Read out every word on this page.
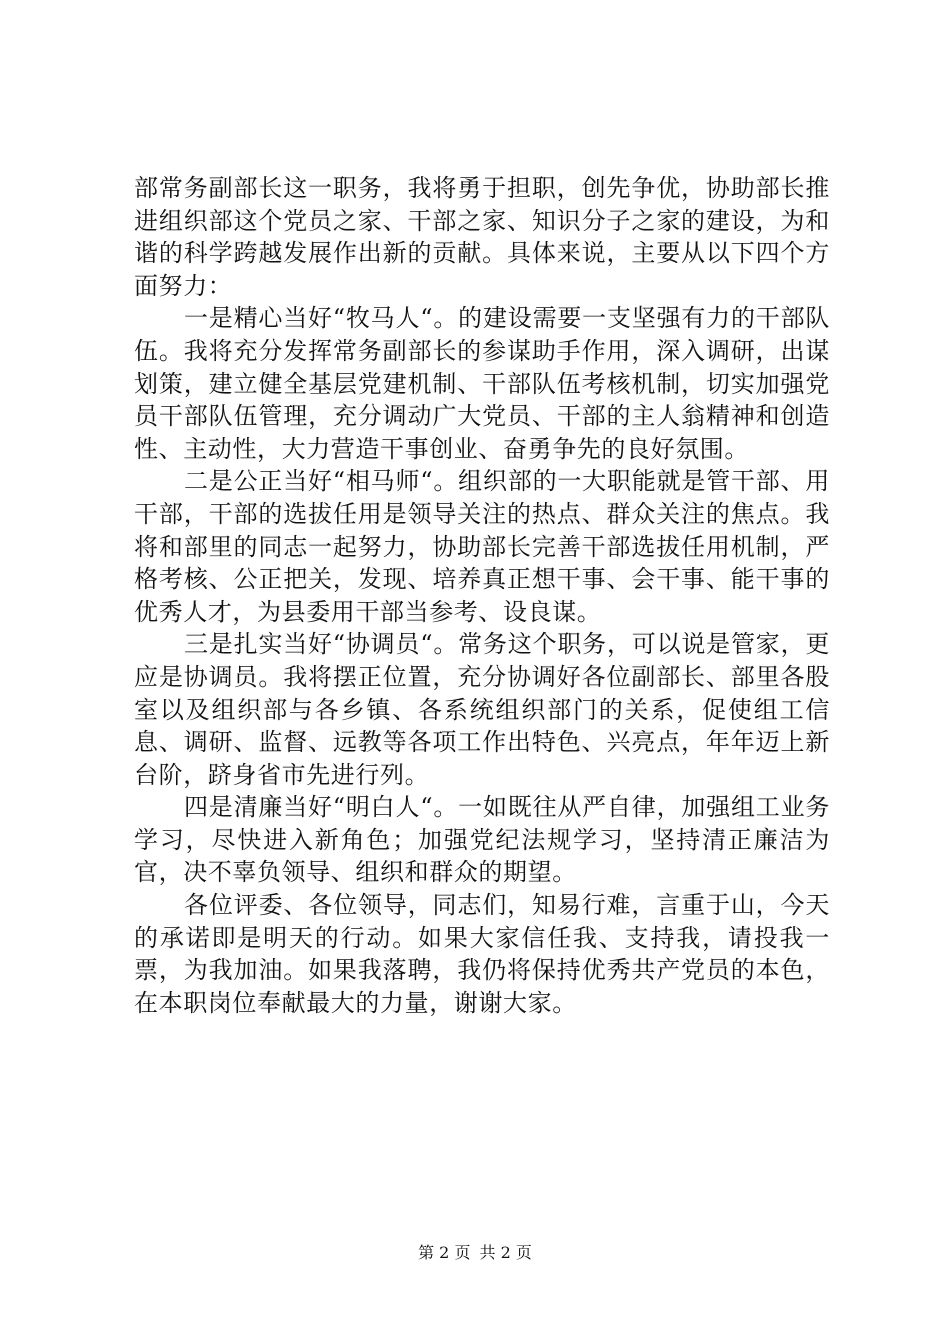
部常务副部长这一职务，我将勇于担职，创先争优，协助部长推进组织部这个党员之家、干部之家、知识分子之家的建设，为和谐的科学跨越发展作出新的贡献。具体来说，主要从以下四个方面努力：

一是精心当好“牧马人“。的建设需要一支坚强有力的干部队伍。我将充分发挥常务副部长的参谋助手作用，深入调研，出谋划策，建立健全基层党建机制、干部队伍考核机制，切实加强党员干部队伍管理，充分调动广大党员、干部的主人翁精神和创造性、主动性，大力营造干事创业、奋勇争先的良好氛围。

二是公正当好“相马师“。组织部的一大职能就是管干部、用干部，干部的选拔任用是领导关注的热点、群众关注的焦点。我将和部里的同志一起努力，协助部长完善干部选拔任用机制，严格考核、公正把关，发现、培养真正想干事、会干事、能干事的优秀人才，为县委用干部当参考、设良谋。

三是扎实当好“协调员“。常务这个职务，可以说是管家，更应是协调员。我将摆正位置，充分协调好各位副部长、部里各股室以及组织部与各乡镇、各系统组织部门的关系，促使组工信息、调研、监督、远教等各项工作出特色、兴亮点，年年迈上新台阶，跻身省市先进行列。

四是清廉当好“明白人“。一如既往从严自律，加强组工业务学习，尽快进入新角色；加强党纪法规学习，坚持清正廉洁为官，决不辜负领导、组织和群众的期望。

各位评委、各位领导，同志们，知易行难，言重于山，今天的承诺即是明天的行动。如果大家信任我、支持我，请投我一票，为我加油。如果我落聘，我仍将保持优秀共产党员的本色，在本职岗位奉献最大的力量，谢谢大家。

第 2 页 共 2 页
